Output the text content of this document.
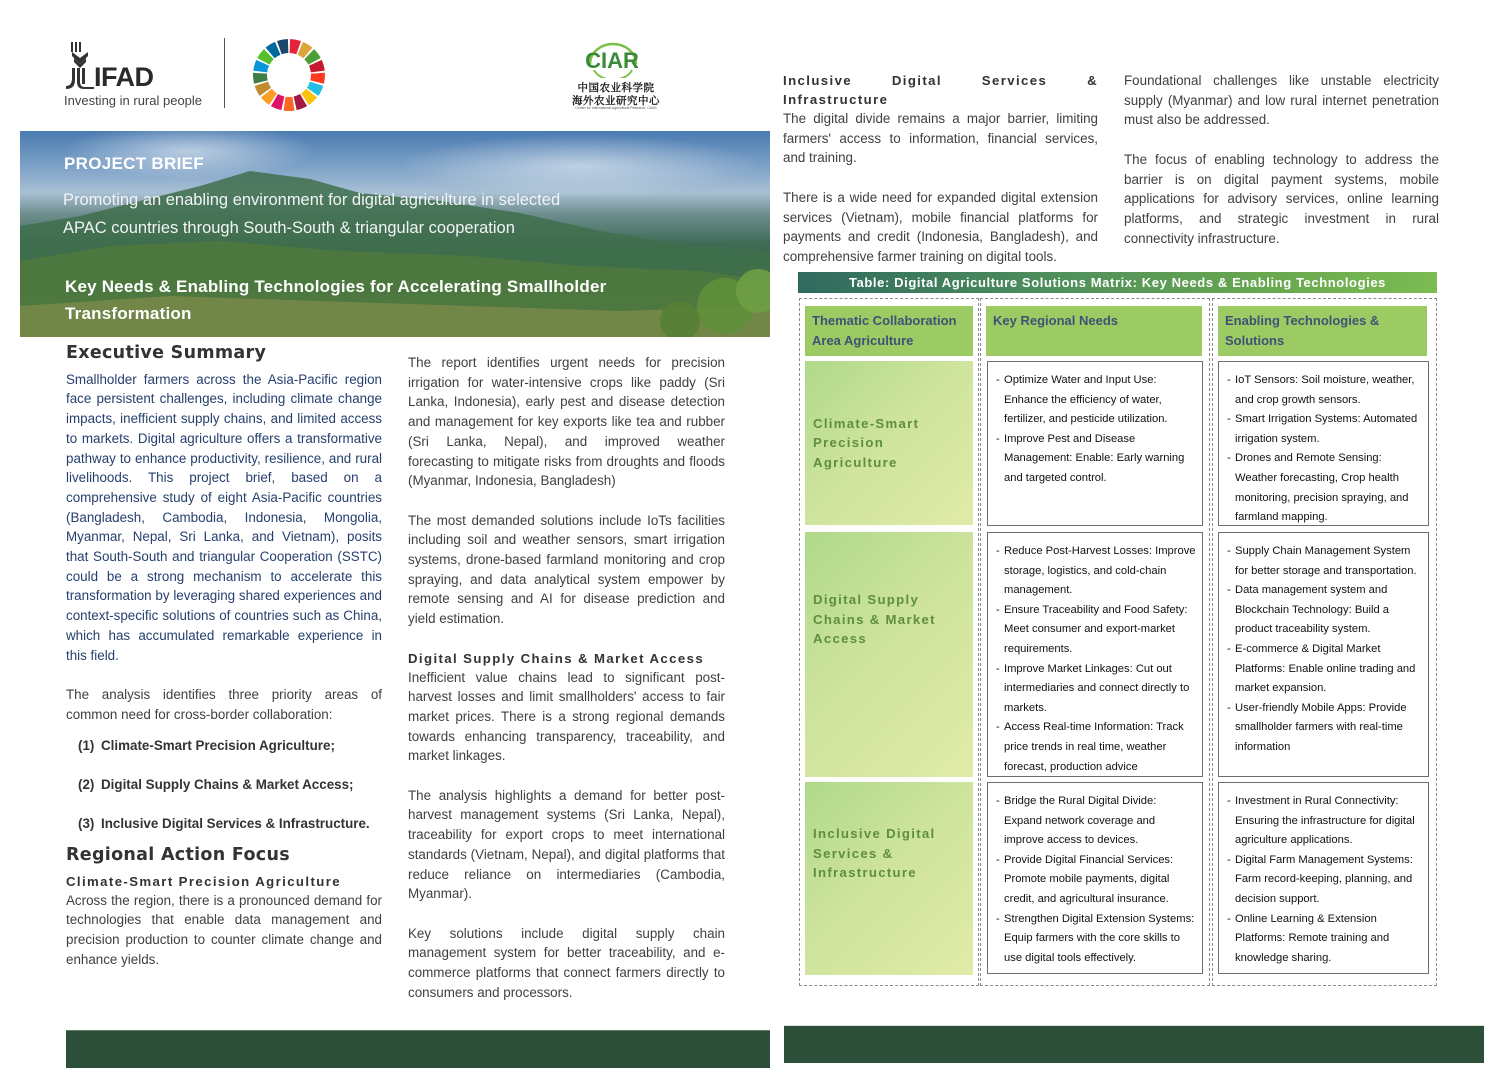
IFAD
Investing in rural people
CIAR
中国农业科学院
海外农业研究中心
Center for International Agricultural Research, CAAS
PROJECT BRIEF
Promoting an enabling environment for digital agriculture in selected APAC countries through South-South & triangular cooperation
Key Needs & Enabling Technologies for Accelerating Smallholder Transformation
Executive Summary

Smallholder farmers across the Asia-Pacific region face persistent challenges, including climate change impacts, inefficient supply chains, and limited access to markets. Digital agriculture offers a transformative pathway to enhance productivity, resilience, and rural livelihoods. This project brief, based on a comprehensive study of eight Asia-Pacific countries (Bangladesh, Cambodia, Indonesia, Mongolia, Myanmar, Nepal, Sri Lanka, and Vietnam), posits that South-South and triangular Cooperation (SSTC) could be a strong mechanism to accelerate this transformation by leveraging shared experiences and context-specific solutions of countries such as China, which has accumulated remarkable experience in this field.

The analysis identifies three priority areas of common need for cross-border collaboration:

(1) Climate-Smart Precision Agriculture;
(2) Digital Supply Chains & Market Access;
(3) Inclusive Digital Services & Infrastructure.
Regional Action Focus
Climate-Smart Precision Agriculture

Across the region, there is a pronounced demand for technologies that enable data management and precision production to counter climate change and enhance yields.

The report identifies urgent needs for precision irrigation for water-intensive crops like paddy (Sri Lanka, Indonesia), early pest and disease detection and management for key exports like tea and rubber (Sri Lanka, Nepal), and improved weather forecasting to mitigate risks from droughts and floods (Myanmar, Indonesia, Bangladesh)

The most demanded solutions include IoTs facilities including soil and weather sensors, smart irrigation systems, drone-based farmland monitoring and crop spraying, and data analytical system empower by remote sensing and AI for disease prediction and yield estimation.

Digital Supply Chains & Market Access

Inefficient value chains lead to significant post-harvest losses and limit smallholders' access to fair market prices. There is a strong regional demands towards enhancing transparency, traceability, and market linkages.

The analysis highlights a demand for better post-harvest management systems (Sri Lanka, Nepal), traceability for export crops to meet international standards (Vietnam, Nepal), and digital platforms that reduce reliance on intermediaries (Cambodia, Myanmar).

Key solutions include digital supply chain management system for better traceability, and e-commerce platforms that connect farmers directly to consumers and processors.

Inclusive Digital Services & Infrastructure

The digital divide remains a major barrier, limiting farmers' access to information, financial services, and training.

There is a wide need for expanded digital extension services (Vietnam), mobile financial platforms for payments and credit (Indonesia, Bangladesh), and comprehensive farmer training on digital tools.

Foundational challenges like unstable electricity supply (Myanmar) and low rural internet penetration must also be addressed.

The focus of enabling technology to address the barrier is on digital payment systems, mobile applications for advisory services, online learning platforms, and strategic investment in rural connectivity infrastructure.

Table: Digital Agriculture Solutions Matrix: Key Needs & Enabling Technologies
Climate-Smart Precision Agriculture
- Optimize Water and Input Use: Enhance the efficiency of water, fertilizer, and pesticide utilization.
- Improve Pest and Disease Management: Enable: Early warning and targeted control.
- IoT Sensors: Soil moisture, weather, and crop growth sensors.
- Smart Irrigation Systems: Automated irrigation system.
- Drones and Remote Sensing: Weather forecasting, Crop health monitoring, precision spraying, and farmland mapping.
Digital Supply Chains & Market Access
- Reduce Post-Harvest Losses: Improve storage, logistics, and cold-chain management.
- Ensure Traceability and Food Safety: Meet consumer and export-market requirements.
- Improve Market Linkages: Cut out intermediaries and connect directly to markets.
- Access Real-time Information: Track price trends in real time, weather forecast, production advice
- Supply Chain Management System for better storage and transportation.
- Data management system and Blockchain Technology: Build a product traceability system.
- E-commerce & Digital Market Platforms: Enable online trading and market expansion.
- User-friendly Mobile Apps: Provide smallholder farmers with real-time information
Inclusive Digital Services & Infrastructure
- Bridge the Rural Digital Divide: Expand network coverage and improve access to devices.
- Provide Digital Financial Services: Promote mobile payments, digital credit, and agricultural insurance.
- Strengthen Digital Extension Systems: Equip farmers with the core skills to use digital tools effectively.
- Investment in Rural Connectivity: Ensuring the infrastructure for digital agriculture applications.
- Digital Farm Management Systems: Farm record-keeping, planning, and decision support.
- Online Learning & Extension Platforms: Remote training and knowledge sharing.
Thematic Collaboration Area Agriculture
Key Regional Needs	Enabling Technologies & Solutions
